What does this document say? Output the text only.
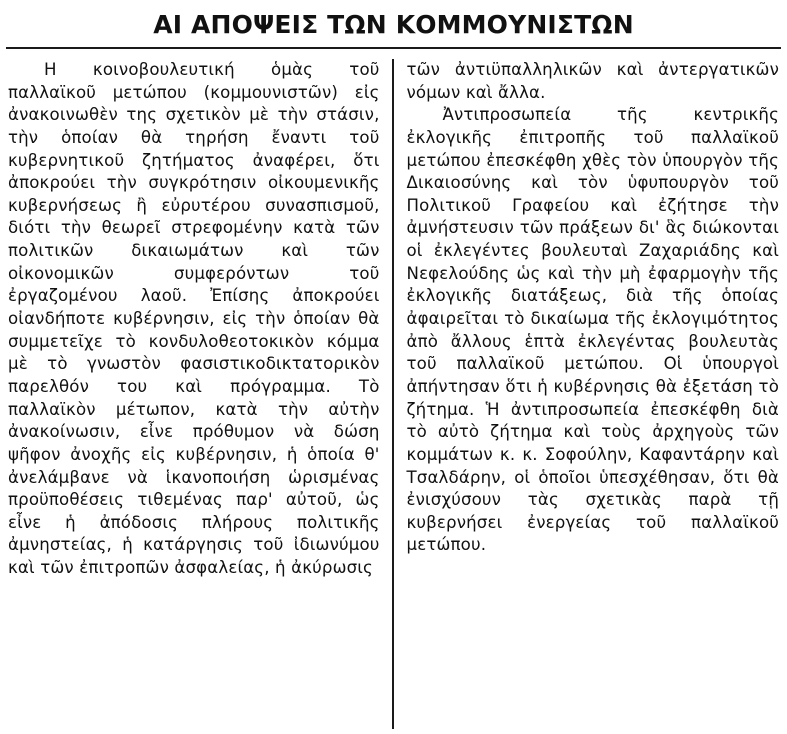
ΑΙ ΑΠΟΨΕΙΣ ΤΩΝ ΚΟΜΜΟΥΝΙΣΤΩΝ

Η κοινοβουλευτική ὁμὰς τοῦ παλλαϊκοῦ μετώπου (κομμουνιστῶν) εἰς ἀνακοινωθὲν της σχετικὸν μὲ τὴν στάσιν, τὴν ὁποίαν θὰ τηρήση ἔναντι τοῦ κυβερνητικοῦ ζητήματος ἀναφέρει, ὅτι ἀποκρούει τὴν συγκρότησιν οἰκουμενικῆς κυβερνήσεως ἢ εὐρυτέρου συνασπισμοῦ, διότι τὴν θεωρεῖ στρεφομένην κατὰ τῶν πολιτικῶν δικαιωμάτων καὶ τῶν οἰκονομικῶν συμφερόντων τοῦ ἐργαζομένου λαοῦ. Ἐπίσης ἀποκρούει οἰανδήποτε κυβέρνησιν, εἰς τὴν ὁποίαν θὰ συμμετεῖχε τὸ κονδυλοθεοτοκικὸν κόμμα μὲ τὸ γνωστὸν φασιστικοδικτατορικὸν παρελθόν του καὶ πρόγραμμα. Τὸ παλλαϊκὸν μέτωπον, κατὰ τὴν αὐτὴν ἀνακοίνωσιν, εἶνε πρόθυμον νὰ δώση ψῆφον ἀνοχῆς εἰς κυβέρνησιν, ἡ ὁποία θ' ἀνελάμβανε νὰ ἱκανοποιήση ὡρισμένας προϋποθέσεις τιθεμένας παρ' αὐτοῦ, ὡς εἶνε ἡ ἀπόδοσις πλήρους πολιτικῆς ἀμνηστείας, ἡ κατάργησις τοῦ ἰδιωνύμου καὶ τῶν ἐπιτροπῶν ἀσφαλείας, ἡ ἀκύρωσις

τῶν ἀντιϋπαλληλικῶν καὶ ἀντεργατικῶν νόμων καὶ ἄλλα.

Ἀντιπροσωπεία τῆς κεντρικῆς ἐκλογικῆς ἐπιτροπῆς τοῦ παλλαϊκοῦ μετώπου ἐπεσκέφθη χθὲς τὸν ὑπουργὸν τῆς Δικαιοσύνης καὶ τὸν ὑφυπουργὸν τοῦ Πολιτικοῦ Γραφείου καὶ ἐζήτησε τὴν ἀμνήστευσιν τῶν πράξεων δι' ἃς διώκονται οἱ ἐκλεγέντες βουλευταὶ Ζαχαριάδης καὶ Νεφελούδης ὡς καὶ τὴν μὴ ἐφαρμογὴν τῆς ἐκλογικῆς διατάξεως, διὰ τῆς ὁποίας ἀφαιρεῖται τὸ δικαίωμα τῆς ἐκλογιμότητος ἀπὸ ἄλλους ἑπτὰ ἐκλεγέντας βουλευτὰς τοῦ παλλαϊκοῦ μετώπου. Οἱ ὑπουργοὶ ἀπήντησαν ὅτι ἡ κυβέρνησις θὰ ἐξετάση τὸ ζήτημα. Ἡ ἀντιπροσωπεία ἐπεσκέφθη διὰ τὸ αὐτὸ ζήτημα καὶ τοὺς ἀρχηγοὺς τῶν κομμάτων κ. κ. Σοφούλην, Καφαντάρην καὶ Τσαλδάρην, οἱ ὁποῖοι ὑπεσχέθησαν, ὅτι θὰ ἐνισχύσουν τὰς σχετικὰς παρὰ τῇ κυβερνήσει ἐνεργείας τοῦ παλλαϊκοῦ μετώπου.
